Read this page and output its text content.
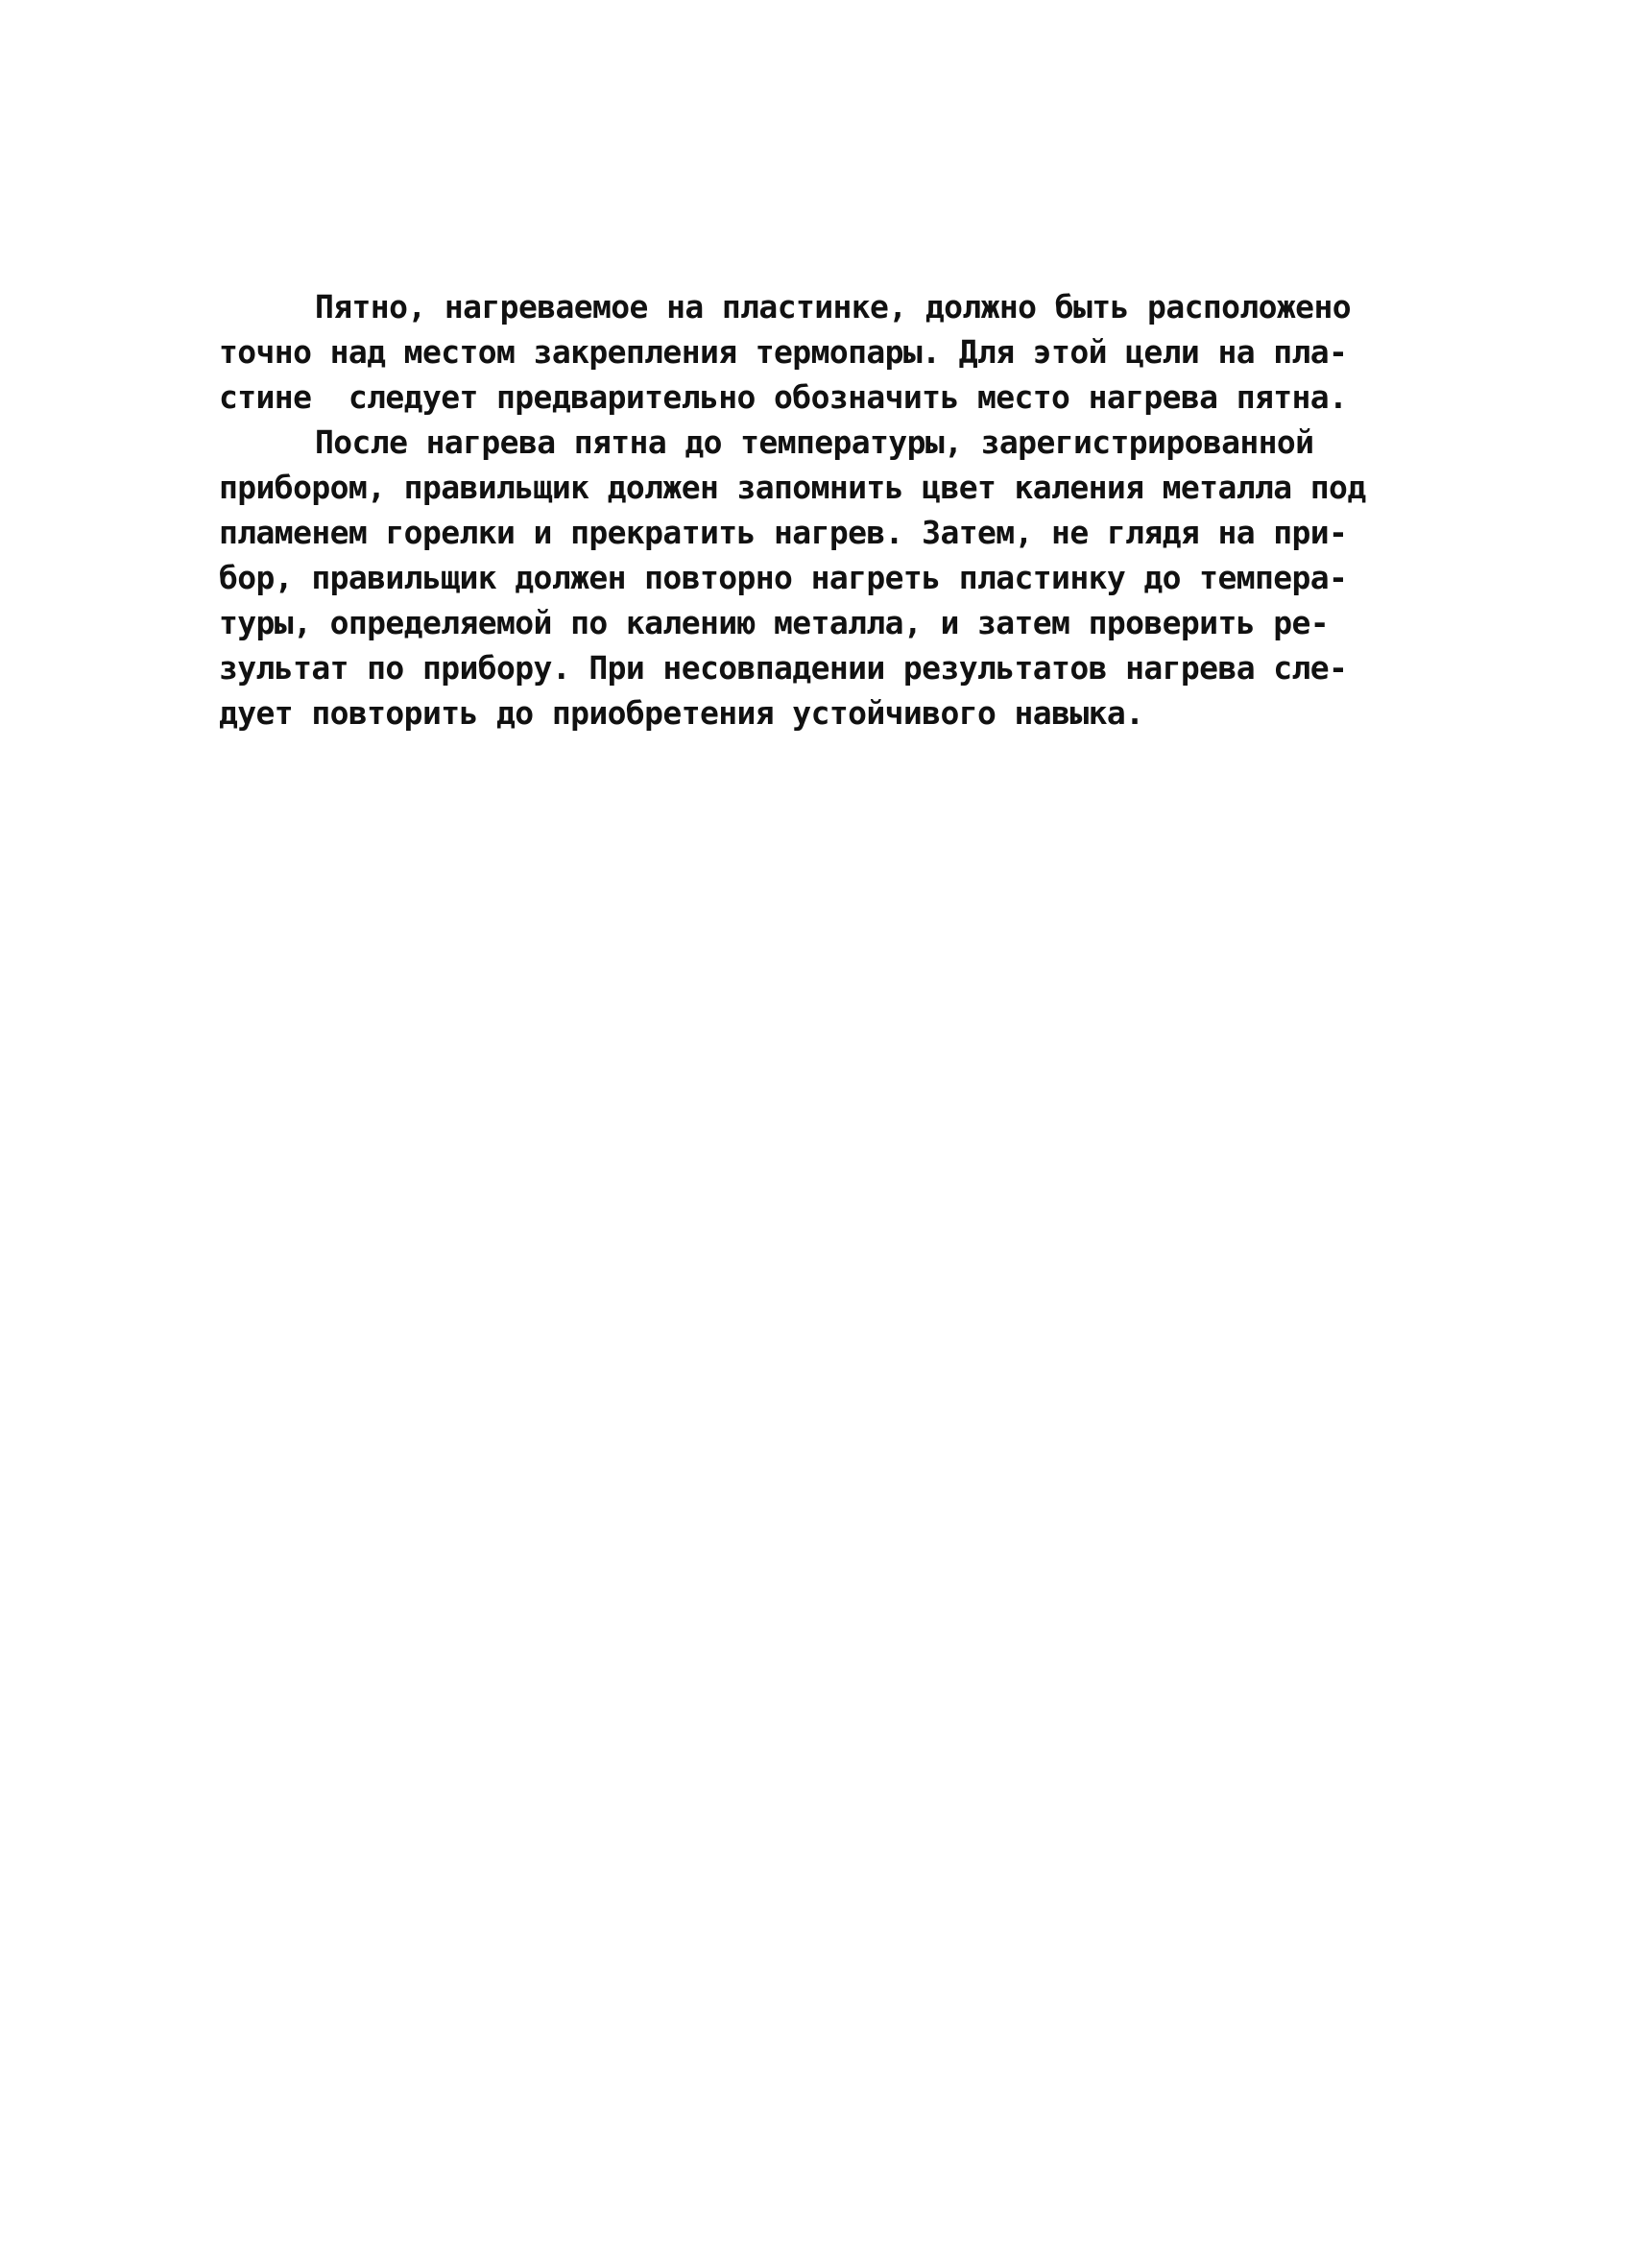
Пятно, нагреваемое на пластинке, должно быть расположено
точно над местом закрепления термопары. Для этой цели на пла-
стине  следует предварительно обозначить место нагрева пятна.
После нагрева пятна до температуры, зарегистрированной
прибором, правильщик должен запомнить цвет каления металла под
пламенем горелки и прекратить нагрев. Затем, не глядя на при-
бор, правильщик должен повторно нагреть пластинку до темпера-
туры, определяемой по калению металла, и затем проверить ре-
зультат по прибору. При несовпадении результатов нагрева сле-
дует повторить до приобретения устойчивого навыка.
